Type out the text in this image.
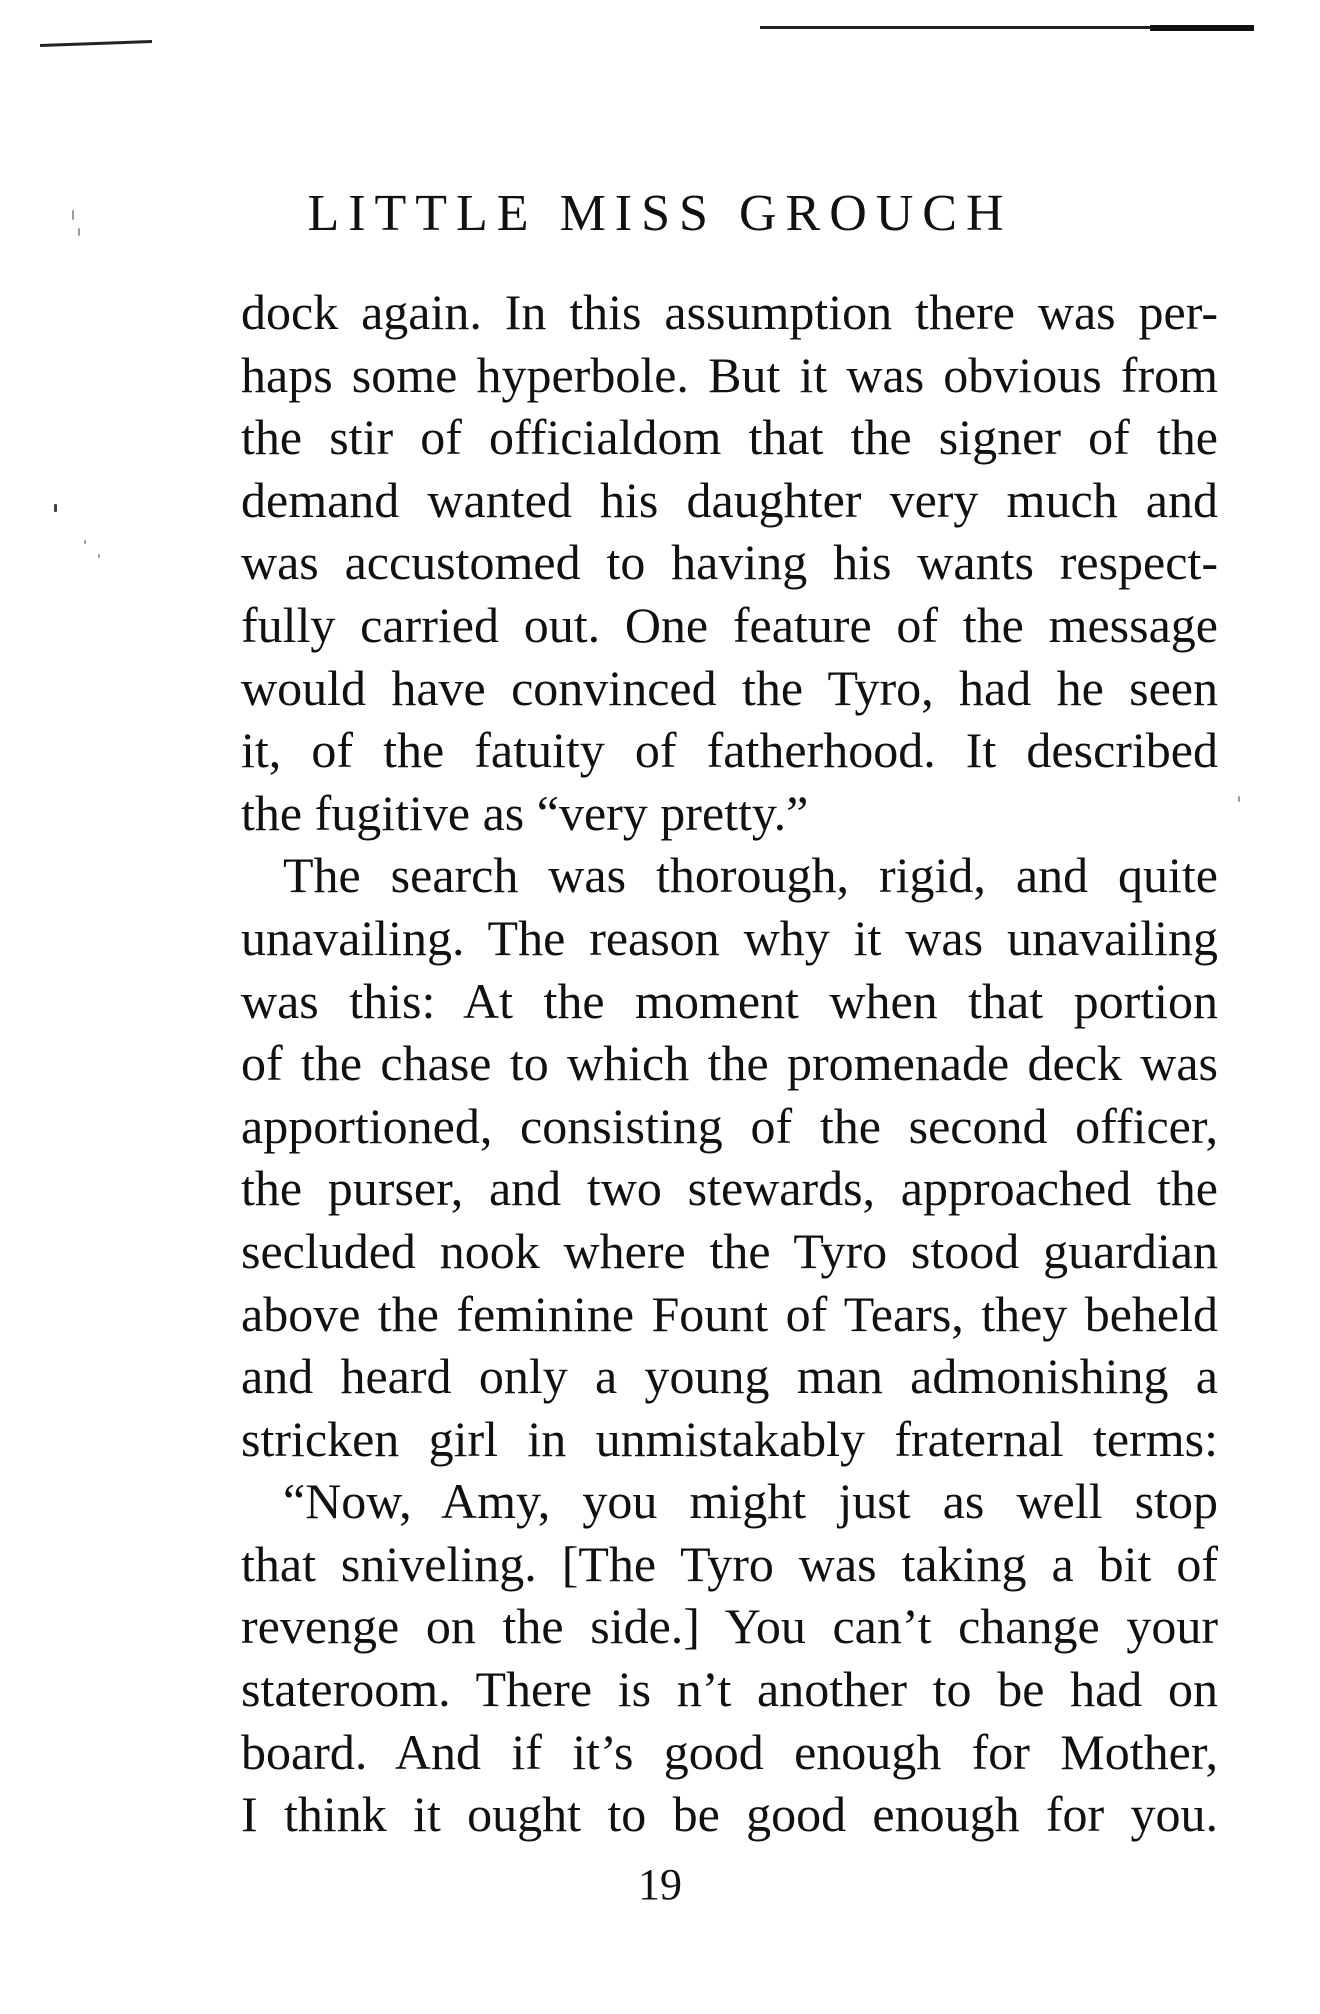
LITTLE MISS GROUCH
dock again. In this assumption there was per-
haps some hyperbole. But it was obvious from
the stir of officialdom that the signer of the
demand wanted his daughter very much and
was accustomed to having his wants respect-
fully carried out. One feature of the message
would have convinced the Tyro, had he seen
it, of the fatuity of fatherhood. It described
the fugitive as “very pretty.”
The search was thorough, rigid, and quite
unavailing. The reason why it was unavailing
was this: At the moment when that portion
of the chase to which the promenade deck was
apportioned, consisting of the second officer,
the purser, and two stewards, approached the
secluded nook where the Tyro stood guardian
above the feminine Fount of Tears, they beheld
and heard only a young man admonishing a
stricken girl in unmistakably fraternal terms:
“Now, Amy, you might just as well stop
that sniveling. [The Tyro was taking a bit of
revenge on the side.] You can’t change your
stateroom. There is n’t another to be had on
board. And if it’s good enough for Mother,
I think it ought to be good enough for you.
19
